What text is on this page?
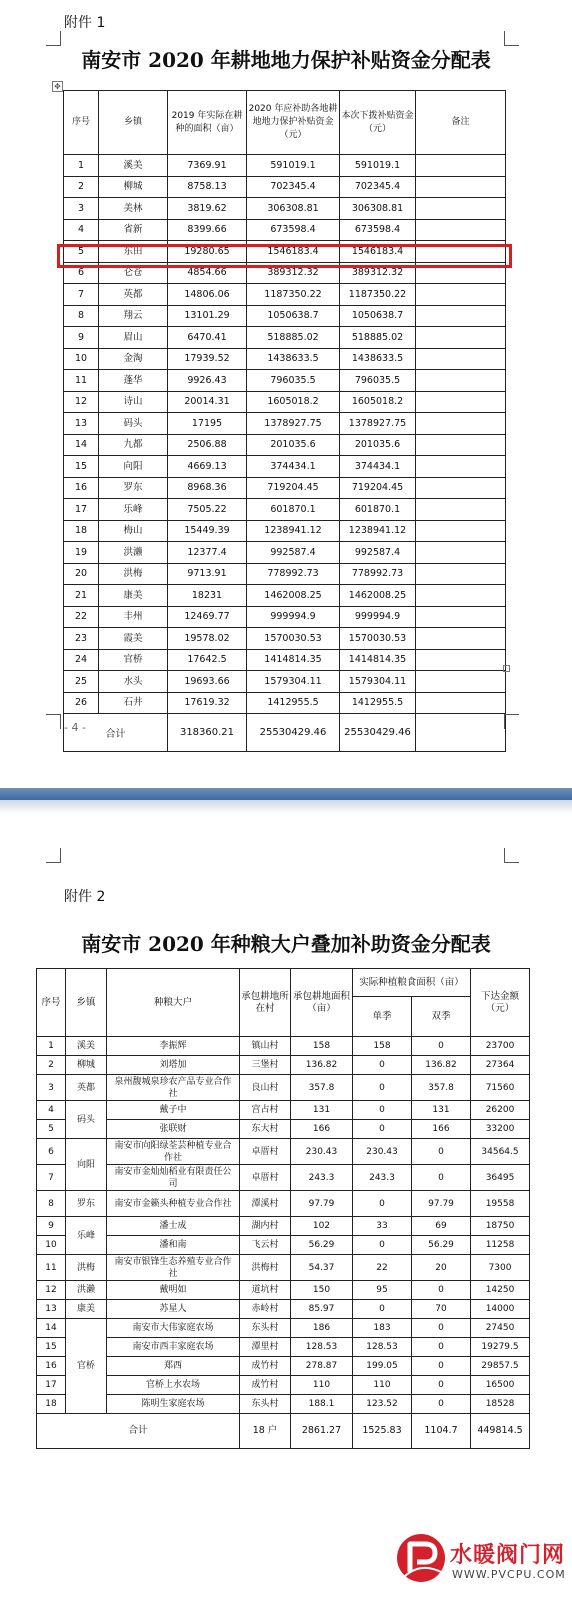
附件 1
南安市 2020 年耕地地力保护补贴资金分配表
✥
序号	乡镇	2019 年实际在耕种的面积（亩）	2020 年应补助各地耕地地力保护补贴资金（元）	本次下拨补贴资金（元）	备注
1	溪美	7369.91	591019.1	591019.1	
2	柳城	8758.13	702345.4	702345.4	
3	美林	3819.62	306308.81	306308.81	
4	省新	8399.66	673598.4	673598.4	
5	东田	19280.65	1546183.4	1546183.4	
6	仑苍	4854.66	389312.32	389312.32	
7	英都	14806.06	1187350.22	1187350.22	
8	翔云	13101.29	1050638.7	1050638.7	
9	眉山	6470.41	518885.02	518885.02	
10	金淘	17939.52	1438633.5	1438633.5	
11	蓬华	9926.43	796035.5	796035.5	
12	诗山	20014.31	1605018.2	1605018.2	
13	码头	17195	1378927.75	1378927.75	
14	九都	2506.88	201035.6	201035.6	
15	向阳	4669.13	374434.1	374434.1	
16	罗东	8968.36	719204.45	719204.45	
17	乐峰	7505.22	601870.1	601870.1	
18	梅山	15449.39	1238941.12	1238941.12	
19	洪濑	12377.4	992587.4	992587.4	
20	洪梅	9713.91	778992.73	778992.73	
21	康美	18231	1462008.25	1462008.25	
22	丰州	12469.77	999994.9	999994.9	
23	霞美	19578.02	1570030.53	1570030.53	
24	官桥	17642.5	1414814.35	1414814.35	
25	水头	19693.66	1579304.11	1579304.11	
26	石井	17619.32	1412955.5	1412955.5	
合计		318360.21	25530429.46	25530429.46	
- 4 -
附件 2
南安市 2020 年种粮大户叠加补助资金分配表
序号	乡镇	种粮大户	承包耕地所在村	承包耕地面积（亩）	实际种植粮食面积（亩）		下达金额（元）
					单季	双季	
1	溪美	李振辉	镇山村	158	158	0	23700
2	柳城	刘塔加	三堡村	136.82	0	136.82	27364
3	英都	泉州馥城泉珍农产品专业合作社	良山村	357.8	0	357.8	71560
4	码头	戴子中	宫占村	131	0	131	26200
5		张联财	东大村	166	0	166	33200
6	向阳	南安市向阳绿荃芸种植专业合作社	卓厝村	230.43	230.43	0	34564.5
7		南安市金灿灿稻业有限责任公司	卓厝村	243.3	243.3	0	36495
8	罗东	南安市金籁头种植专业合作社	潭溪村	97.79	0	97.79	19558
9	乐峰	潘士成	湖内村	102	33	69	18750
10		潘和南	飞云村	56.29	0	56.29	11258
11	洪梅	南安市银锋生态养殖专业合作社	洪梅村	54.37	22	20	7300
12	洪濑	戴明如	道坑村	150	95	0	14250
13	康美	苏星人	赤岭村	85.97	0	70	14000
14	官桥	南安市大伟家庭农场	东头村	186	183	0	27450
15		南安市西丰家庭农场	潭里村	128.53	128.53	0	19279.5
16		郑西	成竹村	278.87	199.05	0	29857.5
17		官桥上水农场	成竹村	110	110	0	16500
18		陈明生家庭农场	东头村	188.1	123.52	0	18528
合计			18 户	2861.27	1525.83	1104.7	449814.5
水暖阀门网
WWW.PVCPU.COM
